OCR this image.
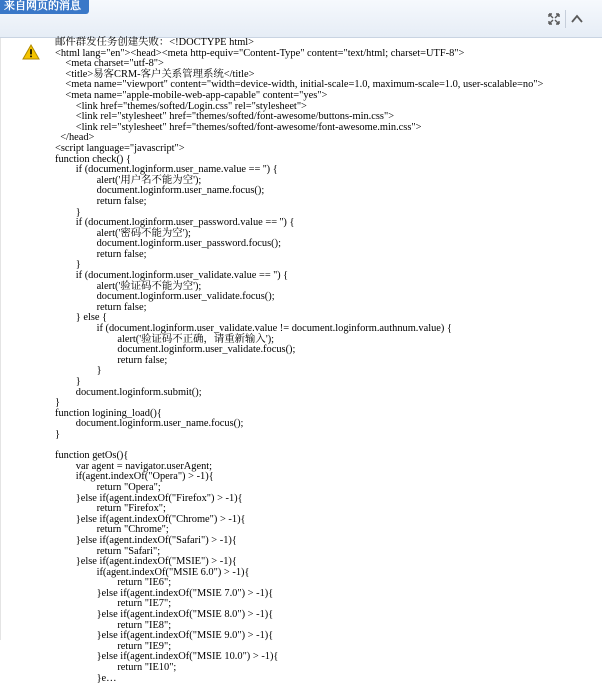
来自网页的消息
邮件群发任务创建失败：<!DOCTYPE html>
<html lang="en"><head><meta http-equiv="Content-Type" content="text/html; charset=UTF-8">
<meta charset="utf-8">
<title>易客CRM-客户关系管理系统</title>
<meta name="viewport" content="width=device-width, initial-scale=1.0, maximum-scale=1.0, user-scalable=no">
<meta name="apple-mobile-web-app-capable" content="yes">
<link href="themes/softed/Login.css" rel="stylesheet">
<link rel="stylesheet" href="themes/softed/font-awesome/buttons-min.css">
<link rel="stylesheet" href="themes/softed/font-awesome/font-awesome.min.css">
</head>
<script language="javascript">
function check() {
if (document.loginform.user_name.value == '') {
alert('用户名不能为空');
document.loginform.user_name.focus();
return false;
}
if (document.loginform.user_password.value == '') {
alert('密码不能为空');
document.loginform.user_password.focus();
return false;
}
if (document.loginform.user_validate.value == '') {
alert('验证码不能为空');
document.loginform.user_validate.focus();
return false;
} else {
if (document.loginform.user_validate.value != document.loginform.authnum.value) {
alert('验证码不正确，请重新输入');
document.loginform.user_validate.focus();
return false;
}
}
document.loginform.submit();
}
function logining_load(){
document.loginform.user_name.focus();
}

function getOs(){
var agent = navigator.userAgent;
if(agent.indexOf("Opera") > -1){
return "Opera";
}else if(agent.indexOf("Firefox") > -1){
return "Firefox";
}else if(agent.indexOf("Chrome") > -1){
return "Chrome";
}else if(agent.indexOf("Safari") > -1){
return "Safari";
}else if(agent.indexOf("MSIE") > -1){
if(agent.indexOf("MSIE 6.0") > -1){
return "IE6";
}else if(agent.indexOf("MSIE 7.0") > -1){
return "IE7";
}else if(agent.indexOf("MSIE 8.0") > -1){
return "IE8";
}else if(agent.indexOf("MSIE 9.0") > -1){
return "IE9";
}else if(agent.indexOf("MSIE 10.0") > -1){
return "IE10";
}e…
